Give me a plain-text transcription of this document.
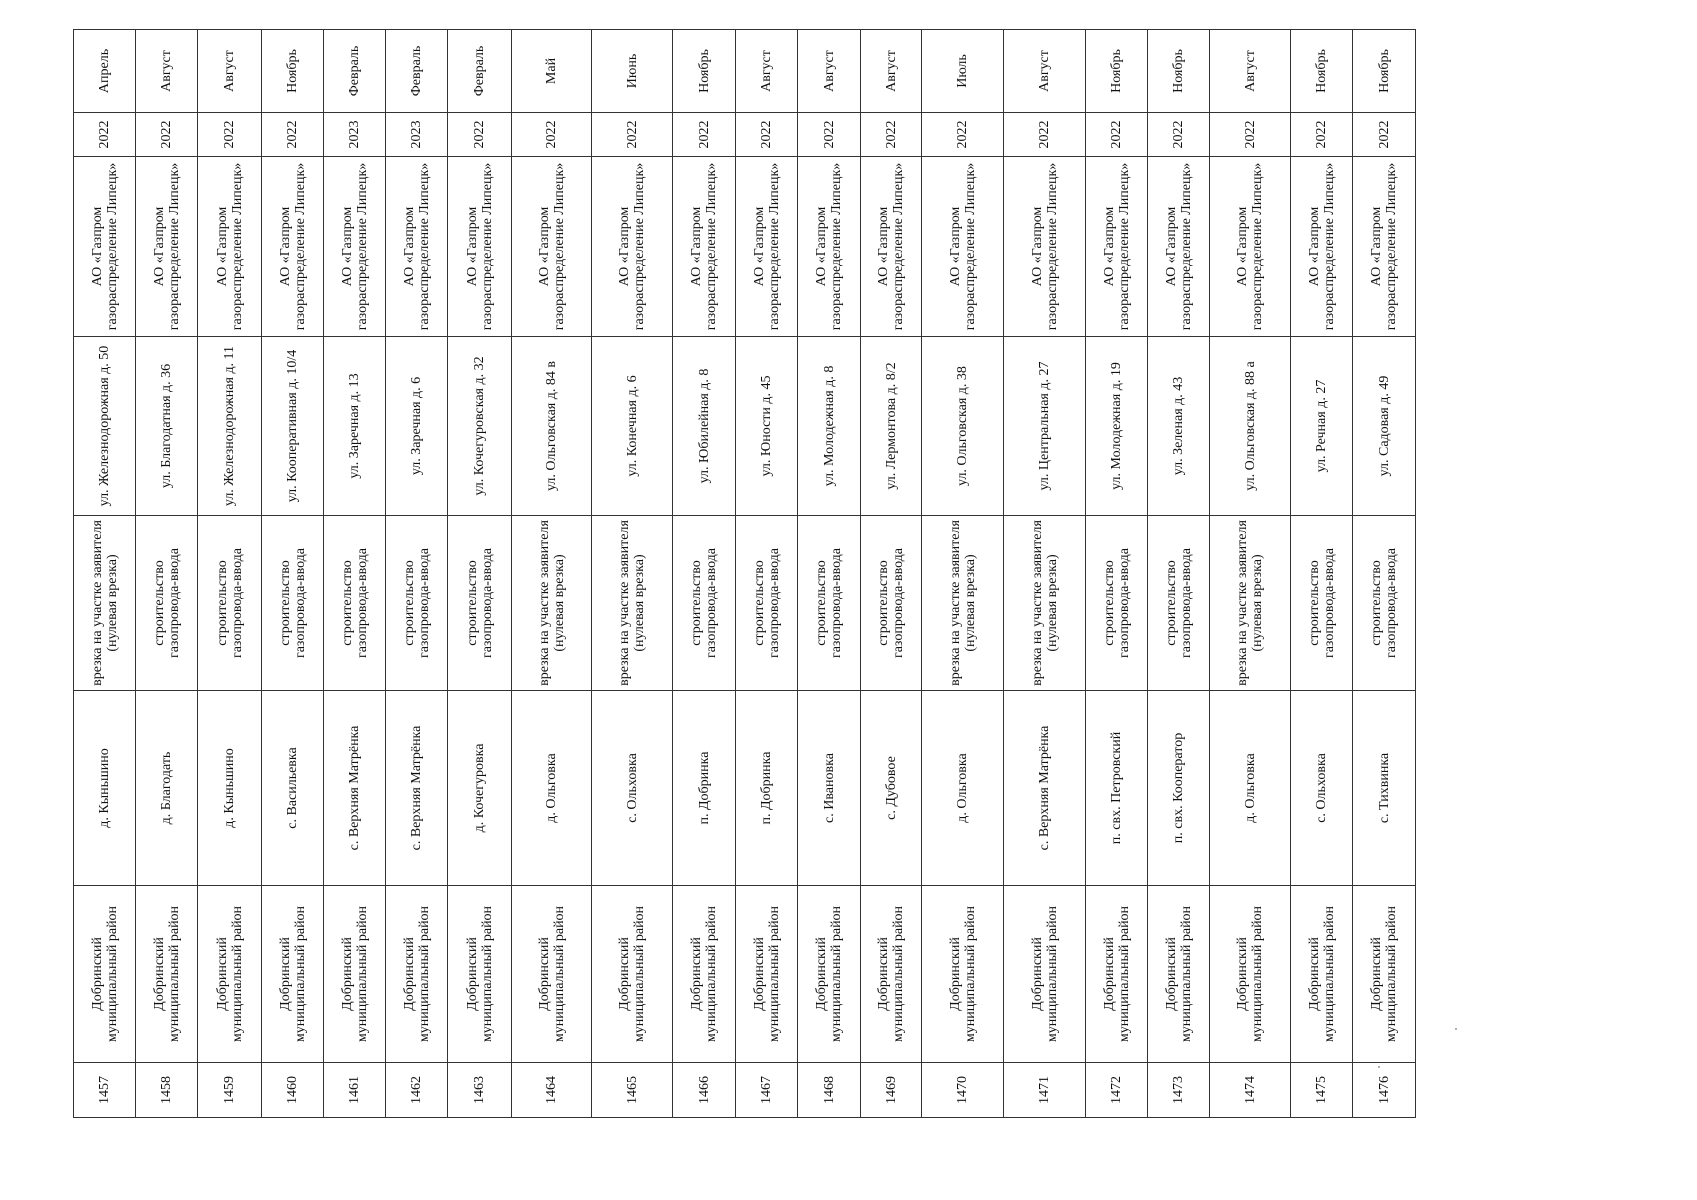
1457	Добринский муниципальный район	д. Кыньшино	врезка на участке заявителя (нулевая врезка)	ул. Железнодорожная д. 50	АО «Газпром газораспределение Липецк»	2022	Апрель
1458	Добринский муниципальный район	д. Благодать	строительство газопровода-ввода	ул. Благодатная д. 36	АО «Газпром газораспределение Липецк»	2022	Август
1459	Добринский муниципальный район	д. Кыньшино	строительство газопровода-ввода	ул. Железнодорожная д. 11	АО «Газпром газораспределение Липецк»	2022	Август
1460	Добринский муниципальный район	с. Васильевка	строительство газопровода-ввода	ул. Кооперативная д. 10/4	АО «Газпром газораспределение Липецк»	2022	Ноябрь
1461	Добринский муниципальный район	с. Верхняя Матрёнка	строительство газопровода-ввода	ул. Заречная д. 13	АО «Газпром газораспределение Липецк»	2023	Февраль
1462	Добринский муниципальный район	с. Верхняя Матрёнка	строительство газопровода-ввода	ул. Заречная д. 6	АО «Газпром газораспределение Липецк»	2023	Февраль
1463	Добринский муниципальный район	д. Кочегуровка	строительство газопровода-ввода	ул. Кочегуровская д. 32	АО «Газпром газораспределение Липецк»	2022	Февраль
1464	Добринский муниципальный район	д. Ольговка	врезка на участке заявителя (нулевая врезка)	ул. Ольговская д. 84 в	АО «Газпром газораспределение Липецк»	2022	Май
1465	Добринский муниципальный район	с. Ольховка	врезка на участке заявителя (нулевая врезка)	ул. Конечная д. 6	АО «Газпром газораспределение Липецк»	2022	Июнь
1466	Добринский муниципальный район	п. Добринка	строительство газопровода-ввода	ул. Юбилейная д. 8	АО «Газпром газораспределение Липецк»	2022	Ноябрь
1467	Добринский муниципальный район	п. Добринка	строительство газопровода-ввода	ул. Юности д. 45	АО «Газпром газораспределение Липецк»	2022	Август
1468	Добринский муниципальный район	с. Ивановка	строительство газопровода-ввода	ул. Молодежная д. 8	АО «Газпром газораспределение Липецк»	2022	Август
1469	Добринский муниципальный район	с. Дубовое	строительство газопровода-ввода	ул. Лермонтова д. 8/2	АО «Газпром газораспределение Липецк»	2022	Август
1470	Добринский муниципальный район	д. Ольговка	врезка на участке заявителя (нулевая врезка)	ул. Ольговская д. 38	АО «Газпром газораспределение Липецк»	2022	Июль
1471	Добринский муниципальный район	с. Верхняя Матрёнка	врезка на участке заявителя (нулевая врезка)	ул. Центральная д. 27	АО «Газпром газораспределение Липецк»	2022	Август
1472	Добринский муниципальный район	п. свх. Петровский	строительство газопровода-ввода	ул. Молодежная д. 19	АО «Газпром газораспределение Липецк»	2022	Ноябрь
1473	Добринский муниципальный район	п. свх. Кооператор	строительство газопровода-ввода	ул. Зеленая д. 43	АО «Газпром газораспределение Липецк»	2022	Ноябрь
1474	Добринский муниципальный район	д. Ольговка	врезка на участке заявителя (нулевая врезка)	ул. Ольговская д. 88 а	АО «Газпром газораспределение Липецк»	2022	Август
1475	Добринский муниципальный район	с. Ольховка	строительство газопровода-ввода	ул. Речная д. 27	АО «Газпром газораспределение Липецк»	2022	Ноябрь
1476	Добринский муниципальный район	с. Тихвинка	строительство газопровода-ввода	ул. Садовая д. 49	АО «Газпром газораспределение Липецк»	2022	Ноябрь
